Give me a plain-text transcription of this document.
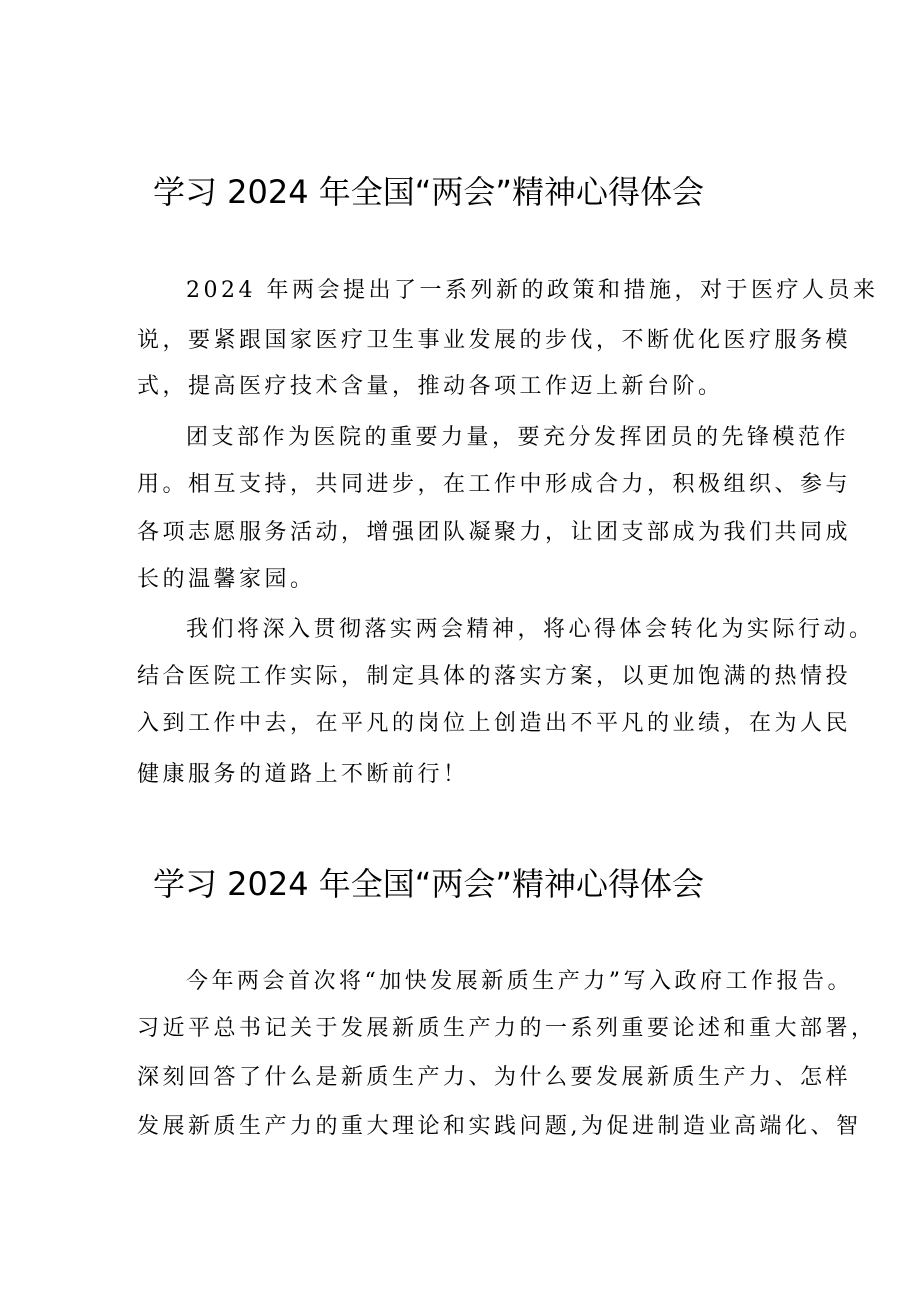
学习 2024 年全国“两会”精神心得体会

2024 年两会提出了一系列新的政策和措施，对于医疗人员来

说，要紧跟国家医疗卫生事业发展的步伐，不断优化医疗服务模

式，提高医疗技术含量，推动各项工作迈上新台阶。

团支部作为医院的重要力量，要充分发挥团员的先锋模范作

用。相互支持，共同进步，在工作中形成合力，积极组织、参与

各项志愿服务活动，增强团队凝聚力，让团支部成为我们共同成

长的温馨家园。

我们将深入贯彻落实两会精神，将心得体会转化为实际行动。

结合医院工作实际，制定具体的落实方案，以更加饱满的热情投

入到工作中去，在平凡的岗位上创造出不平凡的业绩，在为人民

健康服务的道路上不断前行！

学习 2024 年全国“两会”精神心得体会

今年两会首次将“加快发展新质生产力”写入政府工作报告。

习近平总书记关于发展新质生产力的一系列重要论述和重大部署，

深刻回答了什么是新质生产力、为什么要发展新质生产力、怎样

发展新质生产力的重大理论和实践问题,为促进制造业高端化、智
